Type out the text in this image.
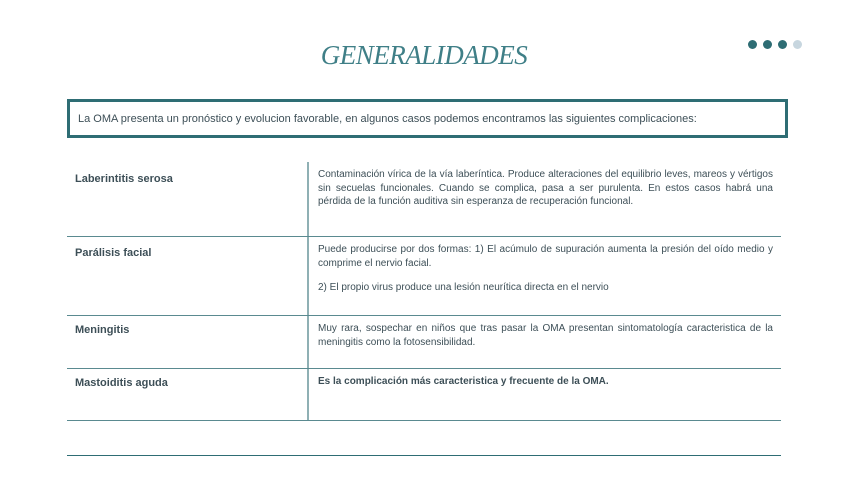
GENERALIDADES
La OMA presenta un pronóstico y evolucion favorable, en algunos casos podemos encontramos las siguientes complicaciones:
Laberintitis serosa	Contaminación vírica de la vía laberíntica. Produce alteraciones del equilibrio leves, mareos y vértigos sin secuelas funcionales. Cuando se complica, pasa a ser purulenta. En estos casos habrá una pérdida de la función auditiva sin esperanza de recuperación funcional.

Parálisis facial	Puede producirse por dos formas: 1) El acúmulo de supuración aumenta la presión del oído medio y comprime el nervio facial.

2) El propio virus produce una lesión neurítica directa en el nervio

Meningitis	Muy rara, sospechar en niños que tras pasar la OMA presentan sintomatología caracteristica de la meningitis como la fotosensibilidad.

Mastoiditis aguda	Es la complicación más caracteristica y frecuente de la OMA.
